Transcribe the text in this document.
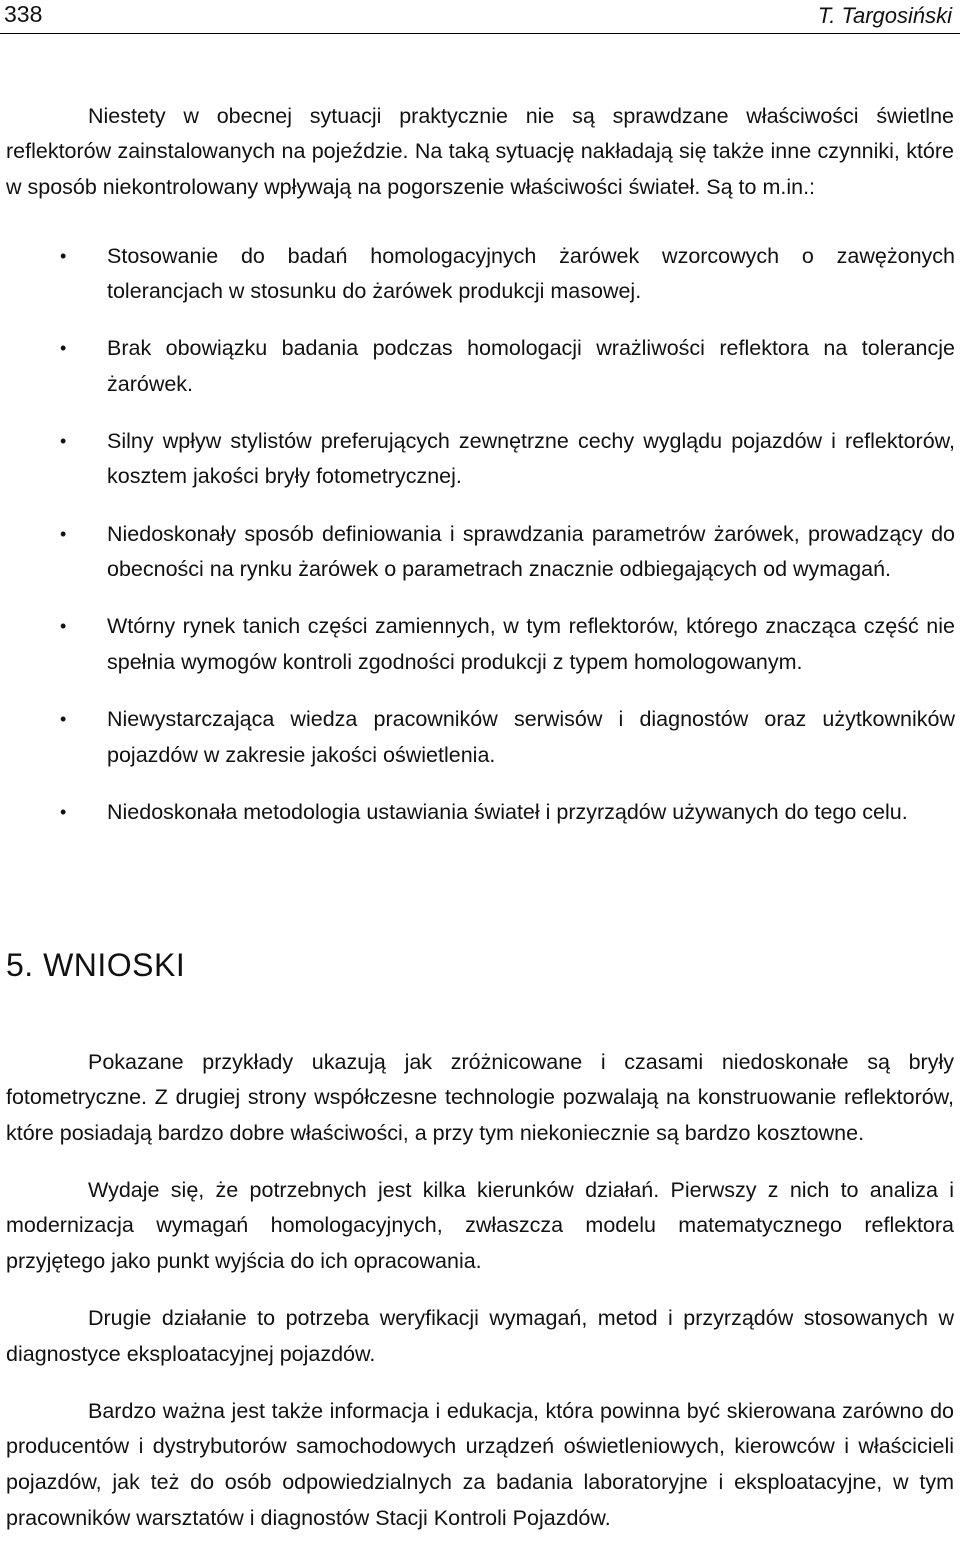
338	T. Targosiński

Niestety w obecnej sytuacji praktycznie nie są sprawdzane właściwości świetlne reflektorów zainstalowanych na pojeździe. Na taką sytuację nakładają się także inne czynniki, które w sposób niekontrolowany wpływają na pogorszenie właściwości świateł. Są to m.in.:

• Stosowanie do badań homologacyjnych żarówek wzorcowych o zawężonych tolerancjach w stosunku do żarówek produkcji masowej.

• Brak obowiązku badania podczas homologacji wrażliwości reflektora na tolerancje żarówek.

• Silny wpływ stylistów preferujących zewnętrzne cechy wyglądu pojazdów i reflektorów, kosztem jakości bryły fotometrycznej.

• Niedoskonały sposób definiowania i sprawdzania parametrów żarówek, prowadzący do obecności na rynku żarówek o parametrach znacznie odbiegających od wymagań.

• Wtórny rynek tanich części zamiennych, w tym reflektorów, którego znacząca część nie spełnia wymogów kontroli zgodności produkcji z typem homologowanym.

• Niewystarczająca wiedza pracowników serwisów i diagnostów oraz użytkowników pojazdów w zakresie jakości oświetlenia.

• Niedoskonała metodologia ustawiania świateł i przyrządów używanych do tego celu.

5. WNIOSKI

Pokazane przykłady ukazują jak zróżnicowane i czasami niedoskonałe są bryły fotometryczne. Z drugiej strony współczesne technologie pozwalają na konstruowanie reflektorów, które posiadają bardzo dobre właściwości, a przy tym niekoniecznie są bardzo kosztowne.

Wydaje się, że potrzebnych jest kilka kierunków działań. Pierwszy z nich to analiza i modernizacja wymagań homologacyjnych, zwłaszcza modelu matematycznego reflektora przyjętego jako punkt wyjścia do ich opracowania.

Drugie działanie to potrzeba weryfikacji wymagań, metod i przyrządów stosowanych w diagnostyce eksploatacyjnej pojazdów.

Bardzo ważna jest także informacja i edukacja, która powinna być skierowana zarówno do producentów i dystrybutorów samochodowych urządzeń oświetleniowych, kierowców i właścicieli pojazdów, jak też do osób odpowiedzialnych za badania laboratoryjne i eksploatacyjne, w tym pracowników warsztatów i diagnostów Stacji Kontroli Pojazdów.
